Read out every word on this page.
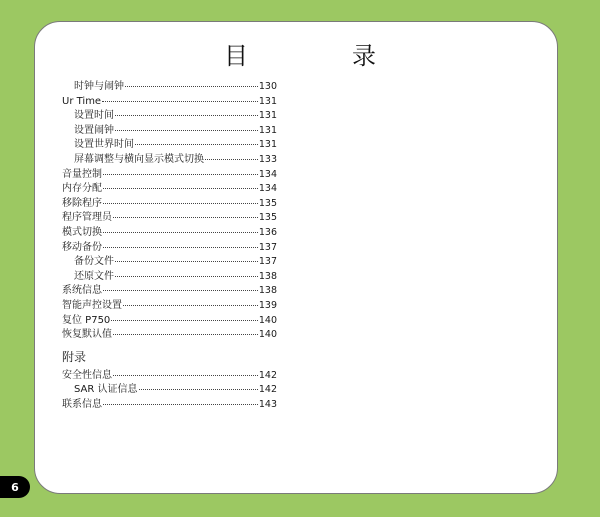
目　录
时钟与闹钟	130
Ur Time	131
设置时间	131
设置闹钟	131
设置世界时间	131
屏幕调整与横向显示模式切换	133
音量控制	134
内存分配	134
移除程序	135
程序管理员	135
模式切换	136
移动备份	137
备份文件	137
还原文件	138
系统信息	138
智能声控设置	139
复位 P750	140
恢复默认值	140
附录
安全性信息	142
SAR 认证信息	142
联系信息	143
6
